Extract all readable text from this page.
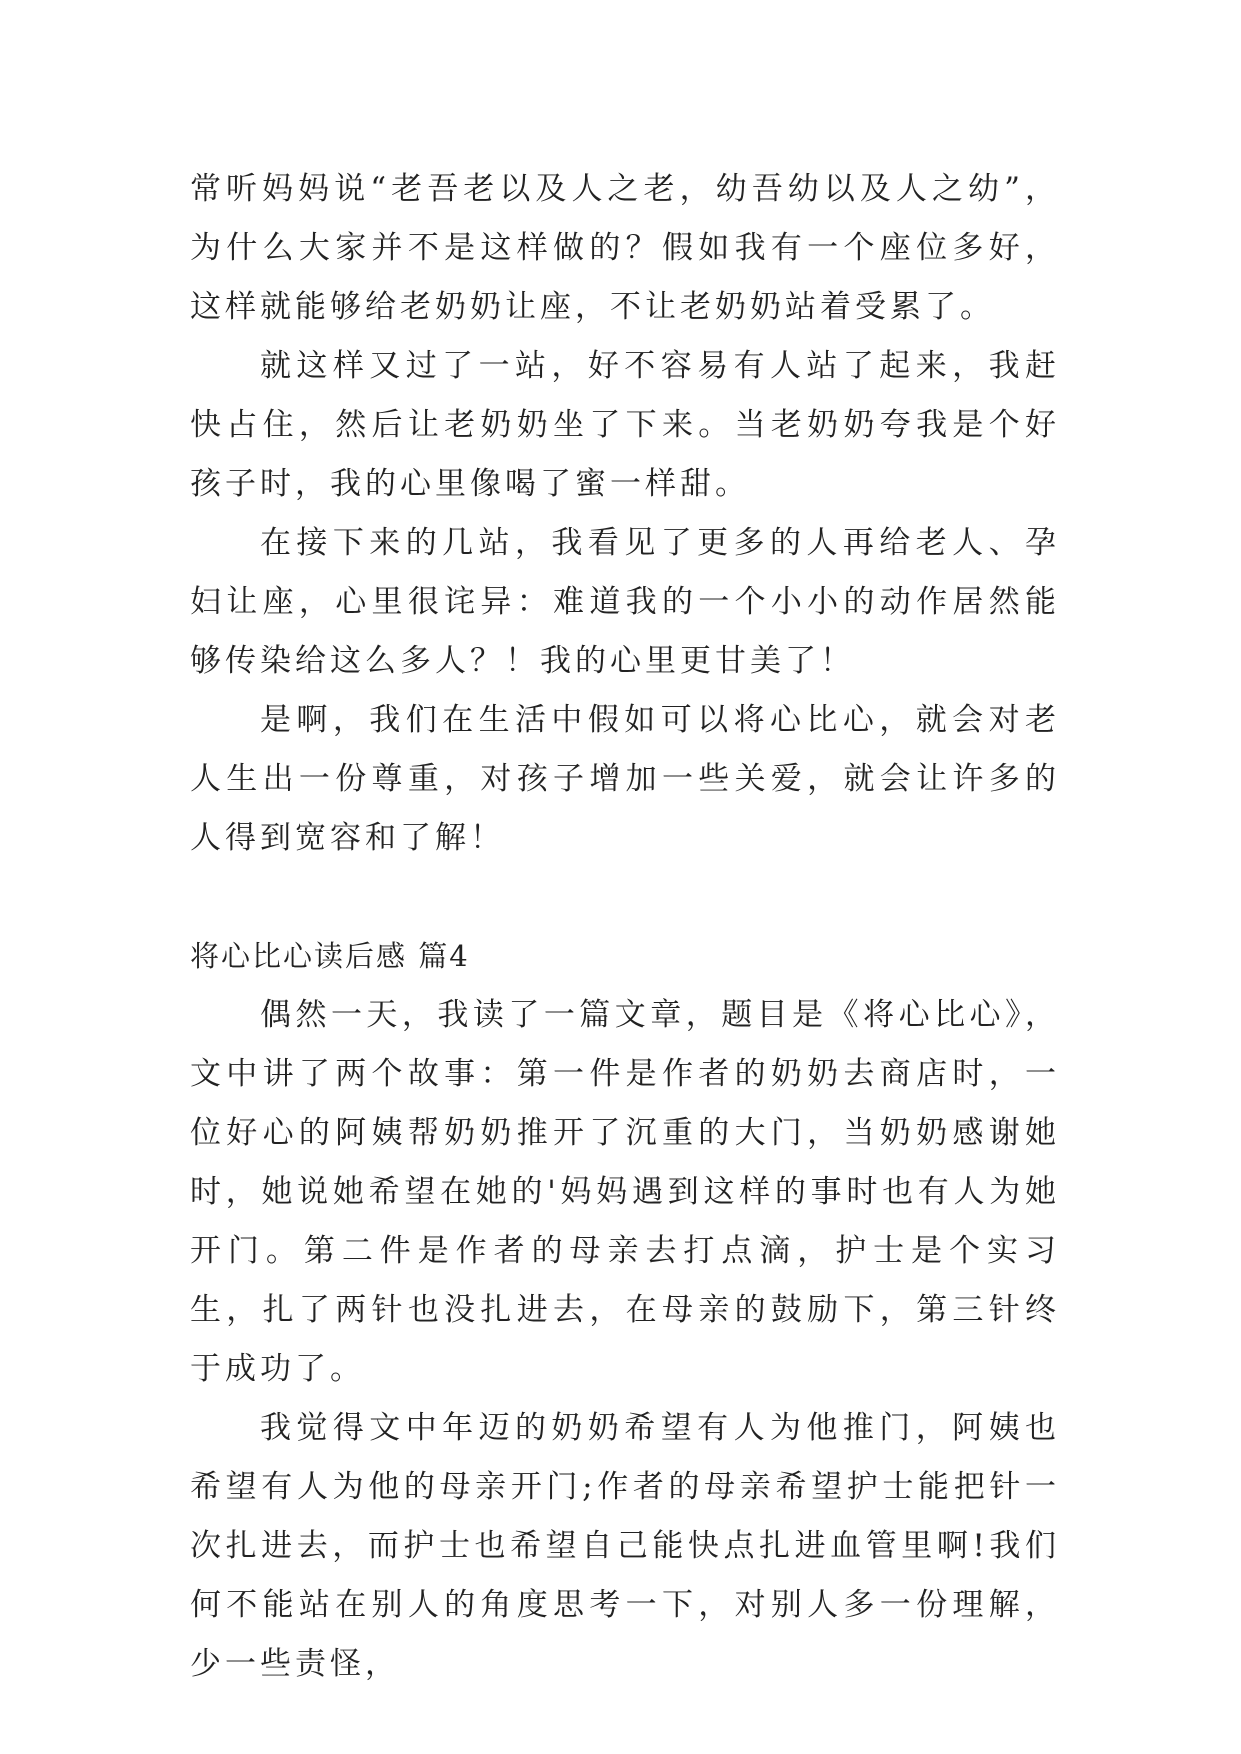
常听妈妈说“老吾老以及人之老，幼吾幼以及人之幼”，为什么大家并不是这样做的？假如我有一个座位多好，这样就能够给老奶奶让座，不让老奶奶站着受累了。

就这样又过了一站，好不容易有人站了起来，我赶快占住，然后让老奶奶坐了下来。当老奶奶夸我是个好孩子时，我的心里像喝了蜜一样甜。

在接下来的几站，我看见了更多的人再给老人、孕妇让座，心里很诧异：难道我的一个小小的动作居然能够传染给这么多人？！我的心里更甘美了！

是啊，我们在生活中假如可以将心比心，就会对老人生出一份尊重，对孩子增加一些关爱，就会让许多的人得到宽容和了解！

将心比心读后感 篇4

偶然一天，我读了一篇文章，题目是《将心比心》，文中讲了两个故事：第一件是作者的奶奶去商店时，一位好心的阿姨帮奶奶推开了沉重的大门，当奶奶感谢她时，她说她希望在她的'妈妈遇到这样的事时也有人为她开门。第二件是作者的母亲去打点滴，护士是个实习生，扎了两针也没扎进去，在母亲的鼓励下，第三针终于成功了。

我觉得文中年迈的奶奶希望有人为他推门，阿姨也希望有人为他的母亲开门;作者的母亲希望护士能把针一次扎进去，而护士也希望自己能快点扎进血管里啊!我们何不能站在别人的角度思考一下，对别人多一份理解，少一些责怪，
